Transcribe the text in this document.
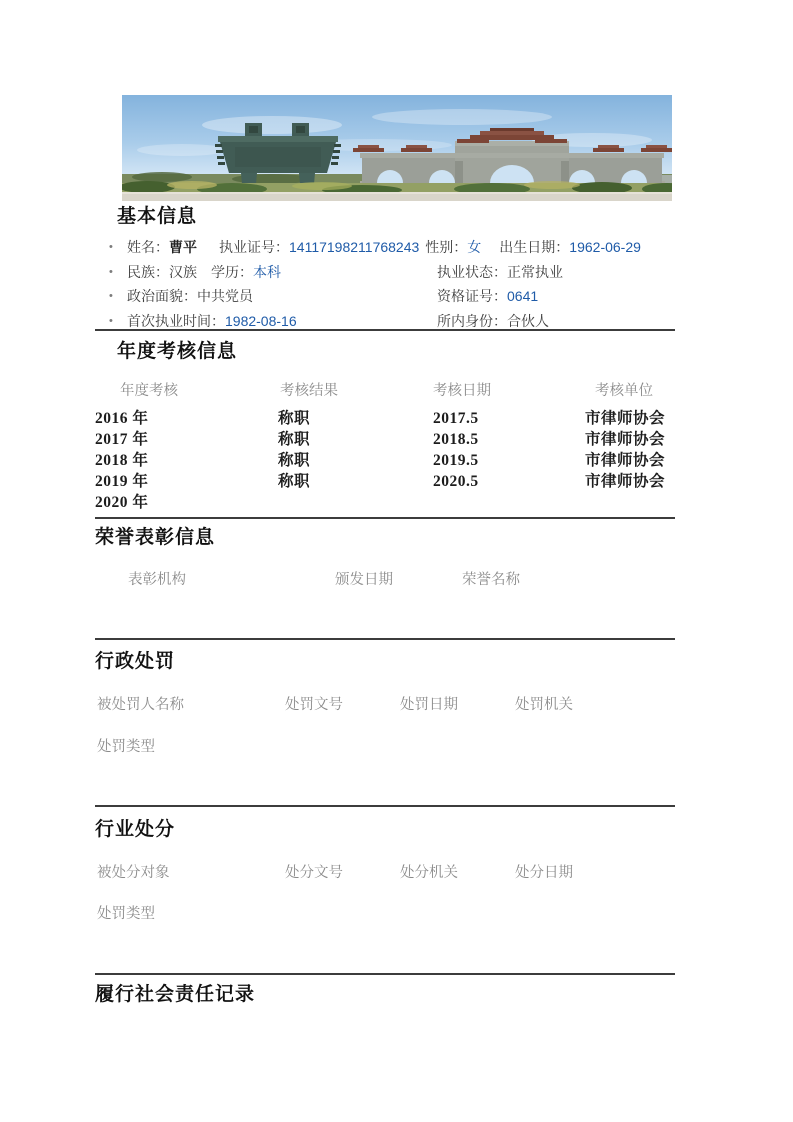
基本信息
• 姓名：曹平 执业证号：14117198211768243 性别：女 出生日期：1962-06-29
• 民族：汉族 学历：本科	执业状态：正常执业
• 政治面貌：中共党员	资格证号：0641
• 首次执业时间：1982-08-16	所内身份：合伙人
年度考核信息
年度考核	考核结果	考核日期	考核单位
2016 年	称职	2017.5	市律师协会
2017 年	称职	2018.5	市律师协会
2018 年	称职	2019.5	市律师协会
2019 年	称职	2020.5	市律师协会
2020 年
荣誉表彰信息
表彰机构	颁发日期	荣誉名称
行政处罚
被处罚人名称	处罚文号	处罚日期	处罚机关
处罚类型
行业处分
被处分对象	处分文号	处分机关	处分日期
处罚类型
履行社会责任记录
